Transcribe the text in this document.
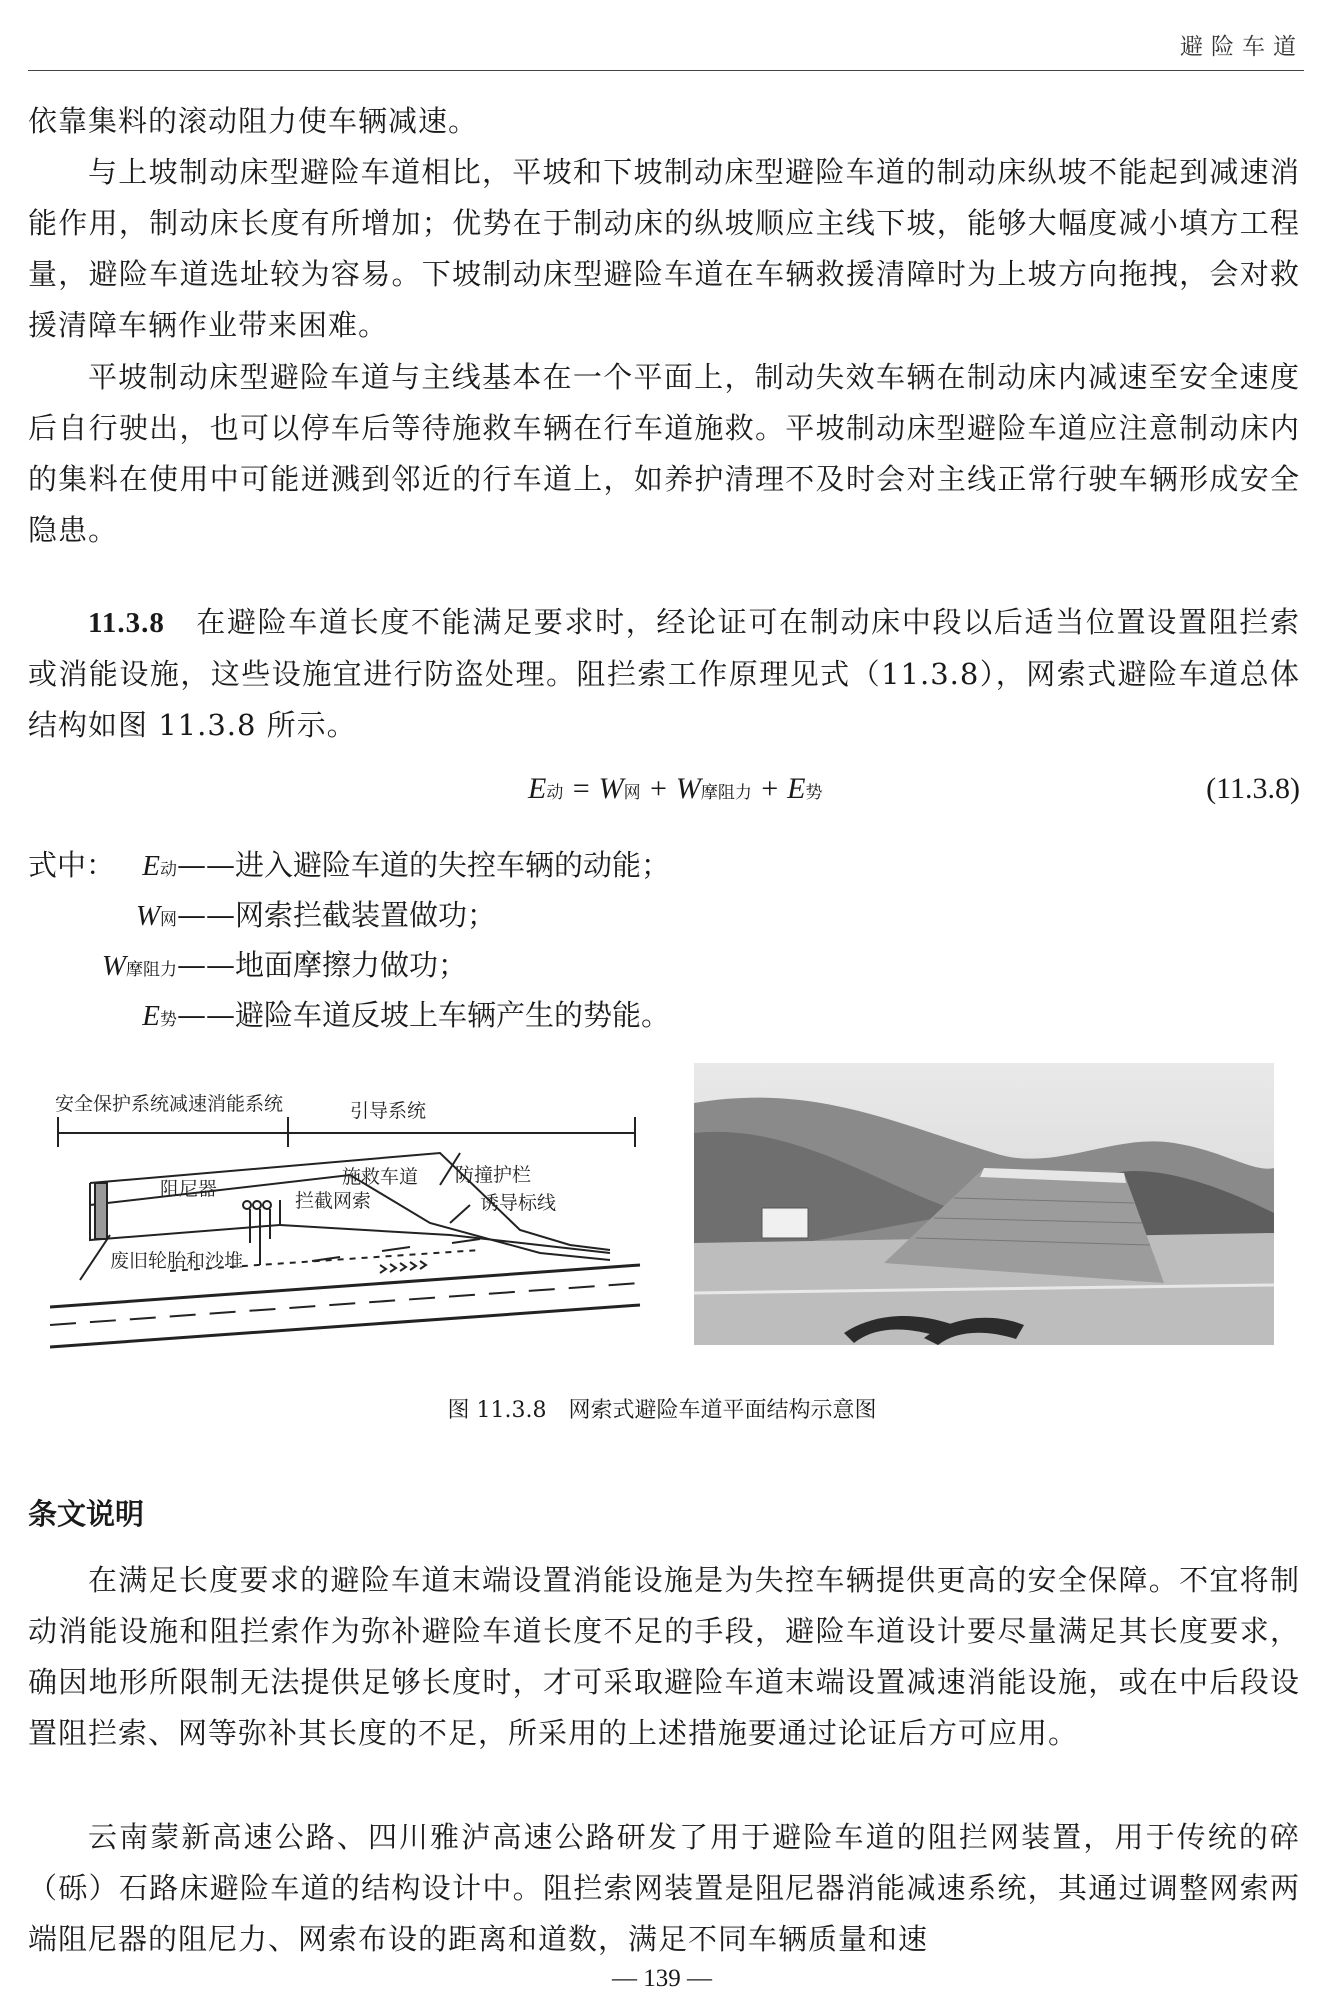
避险车道

依靠集料的滚动阻力使车辆减速。

与上坡制动床型避险车道相比，平坡和下坡制动床型避险车道的制动床纵坡不能起到减速消能作用，制动床长度有所增加；优势在于制动床的纵坡顺应主线下坡，能够大幅度减小填方工程量，避险车道选址较为容易。下坡制动床型避险车道在车辆救援清障时为上坡方向拖拽，会对救援清障车辆作业带来困难。

平坡制动床型避险车道与主线基本在一个平面上，制动失效车辆在制动床内减速至安全速度后自行驶出，也可以停车后等待施救车辆在行车道施救。平坡制动床型避险车道应注意制动床内的集料在使用中可能迸溅到邻近的行车道上，如养护清理不及时会对主线正常行驶车辆形成安全隐患。

11.3.8　 在避险车道长度不能满足要求时，经论证可在制动床中段以后适当位置设置阻拦索或消能设施，这些设施宜进行防盗处理。阻拦索工作原理见式（11.3.8），网索式避险车道总体结构如图 11.3.8 所示。

E动 = W网 + W摩阻力 + E势	(11.3.8)
式中： E动——进入避险车道的失控车辆的动能；
W网——网索拦截装置做功；
W摩阻力——地面摩擦力做功；
E势——避险车道反坡上车辆产生的势能。
安全保护系统减速消能系统	引导系统
阻尼器
施救车道 防撞护栏
拦截网索	诱导标线
废旧轮胎和沙堆
图 11.3.8　网索式避险车道平面结构示意图
条文说明

在满足长度要求的避险车道末端设置消能设施是为失控车辆提供更高的安全保障。不宜将制动消能设施和阻拦索作为弥补避险车道长度不足的手段，避险车道设计要尽量满足其长度要求，确因地形所限制无法提供足够长度时，才可采取避险车道末端设置减速消能设施，或在中后段设置阻拦索、网等弥补其长度的不足，所采用的上述措施要通过论证后方可应用。

云南蒙新高速公路、四川雅泸高速公路研发了用于避险车道的阻拦网装置，用于传统的碎（砾）石路床避险车道的结构设计中。阻拦索网装置是阻尼器消能减速系统，其通过调整网索两端阻尼器的阻尼力、网索布设的距离和道数，满足不同车辆质量和速

— 139 —
